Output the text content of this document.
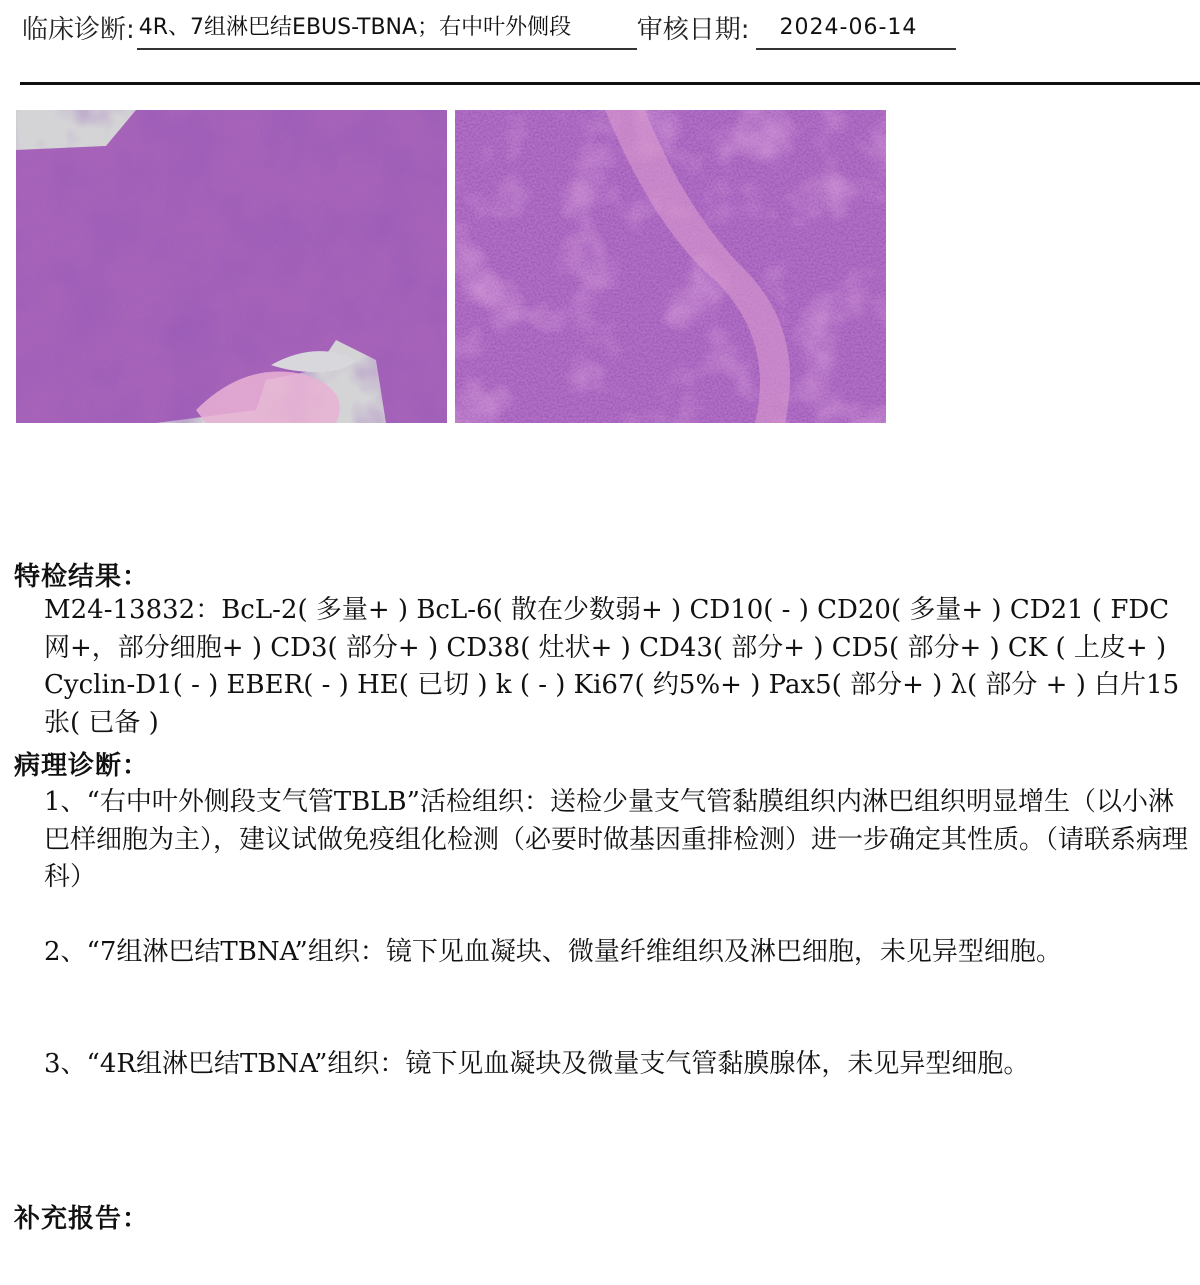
临床诊断: 4R、7组淋巴结EBUS-TBNA；右中叶外侧段	审核日期:	2024-06-14
特检结果：

M24-13832：BcL-2( 多量+ ) BcL-6( 散在少数弱+ ) CD10( - ) CD20( 多量+ ) CD21 ( FDC网+，部分细胞+ ) CD3( 部分+ ) CD38( 灶状+ ) CD43( 部分+ ) CD5( 部分+ ) CK ( 上皮+ ) Cyclin-D1( - ) EBER( - ) HE( 已切 ) k ( - ) Ki67( 约5%+ ) Pax5( 部分+ ) λ( 部分 + ) 白片15张( 已备 )

病理诊断：

1、“右中叶外侧段支气管TBLB”活检组织：送检少量支气管黏膜组织内淋巴组织明显增生（以小淋巴样细胞为主），建议试做免疫组化检测（必要时做基因重排检测）进一步确定其性质。（请联系病理科）

2、“7组淋巴结TBNA”组织：镜下见血凝块、微量纤维组织及淋巴细胞，未见异型细胞。

3、“4R组淋巴结TBNA”组织：镜下见血凝块及微量支气管黏膜腺体，未见异型细胞。

补充报告：
